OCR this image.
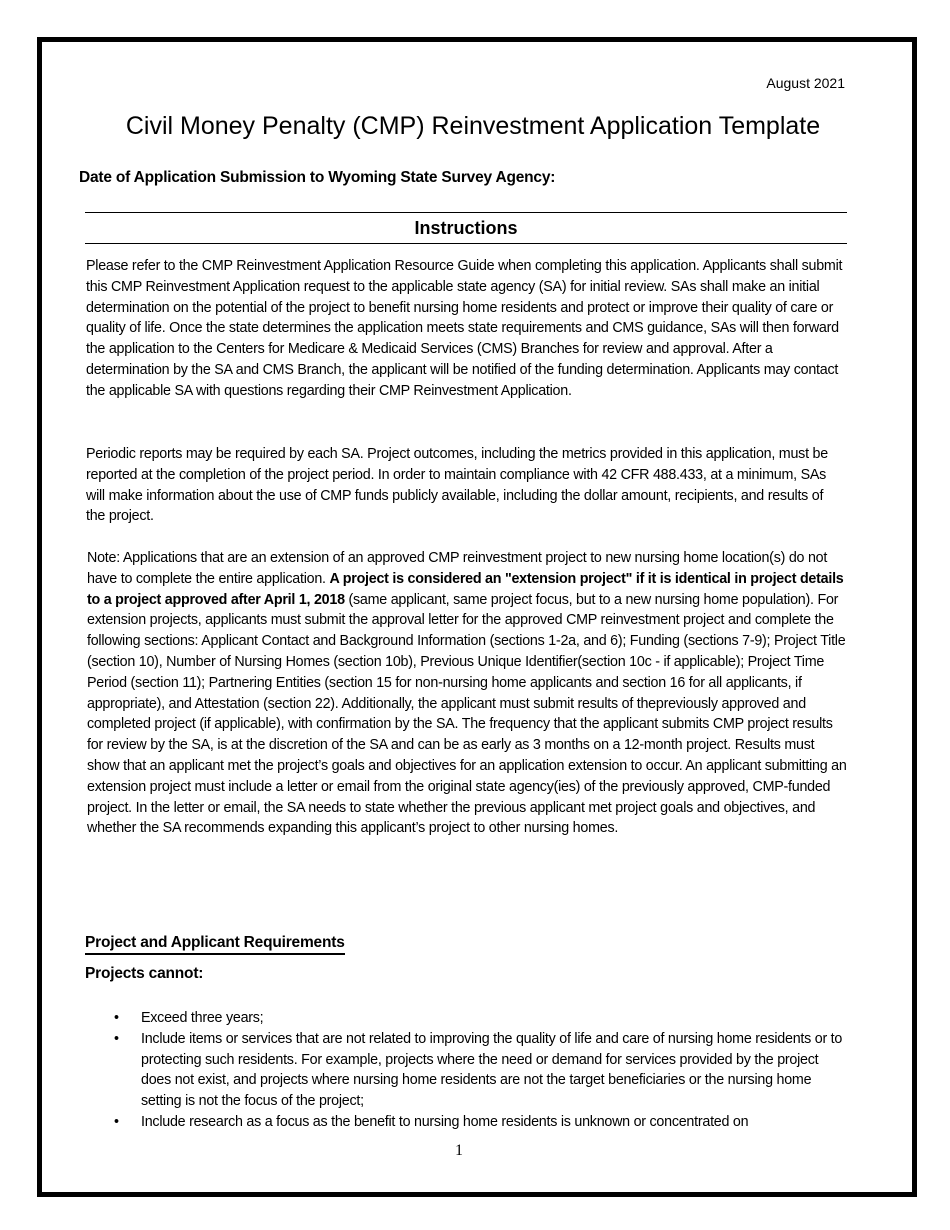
August 2021
Civil Money Penalty (CMP) Reinvestment Application Template
Date of Application Submission to Wyoming State Survey Agency:
Instructions
Please refer to the CMP Reinvestment Application Resource Guide when completing this application. Applicants shall submit this CMP Reinvestment Application request to the applicable state agency (SA) for initial review. SAs shall make an initial determination on the potential of the project to benefit nursing home residents and protect or improve their quality of care or quality of life. Once the state determines the application meets state requirements and CMS guidance, SAs will then forward the application to the Centers for Medicare & Medicaid Services (CMS) Branches for review and approval. After a determination by the SA and CMS Branch, the applicant will be notified of the funding determination. Applicants may contact the applicable SA with questions regarding their CMP Reinvestment Application.
Periodic reports may be required by each SA. Project outcomes, including the metrics provided in this application, must be reported at the completion of the project period. In order to maintain compliance with 42 CFR 488.433, at a minimum, SAs will make information about the use of CMP funds publicly available, including the dollar amount, recipients, and results of the project.
Note: Applications that are an extension of an approved CMP reinvestment project to new nursing home location(s) do not have to complete the entire application. A project is considered an "extension project" if it is identical in project details to a project approved after April 1, 2018 (same applicant, same project focus, but to a new nursing home population). For extension projects, applicants must submit the approval letter for the approved CMP reinvestment project and complete the following sections: Applicant Contact and Background Information (sections 1-2a, and 6); Funding (sections 7-9); Project Title (section 10), Number of Nursing Homes (section 10b), Previous Unique Identifier(section 10c - if applicable); Project Time Period (section 11); Partnering Entities (section 15 for non-nursing home applicants and section 16 for all applicants, if appropriate), and Attestation (section 22). Additionally, the applicant must submit results of thepreviously approved and completed project (if applicable), with confirmation by the SA. The frequency that the applicant submits CMP project results for review by the SA, is at the discretion of the SA and can be as early as 3 months on a 12-month project. Results must show that an applicant met the project’s goals and objectives for an application extension to occur. An applicant submitting an extension project must include a letter or email from the original state agency(ies) of the previously approved, CMP-funded project. In the letter or email, the SA needs to state whether the previous applicant met project goals and objectives, and whether the SA recommends expanding this applicant’s project to other nursing homes.
Project and Applicant Requirements
Projects cannot:
• Exceed three years;
• Include items or services that are not related to improving the quality of life and care of nursing home residents or to protecting such residents. For example, projects where the need or demand for services provided by the project does not exist, and projects where nursing home residents are not the target beneficiaries or the nursing home setting is not the focus of the project;
• Include research as a focus as the benefit to nursing home residents is unknown or concentrated on
1
